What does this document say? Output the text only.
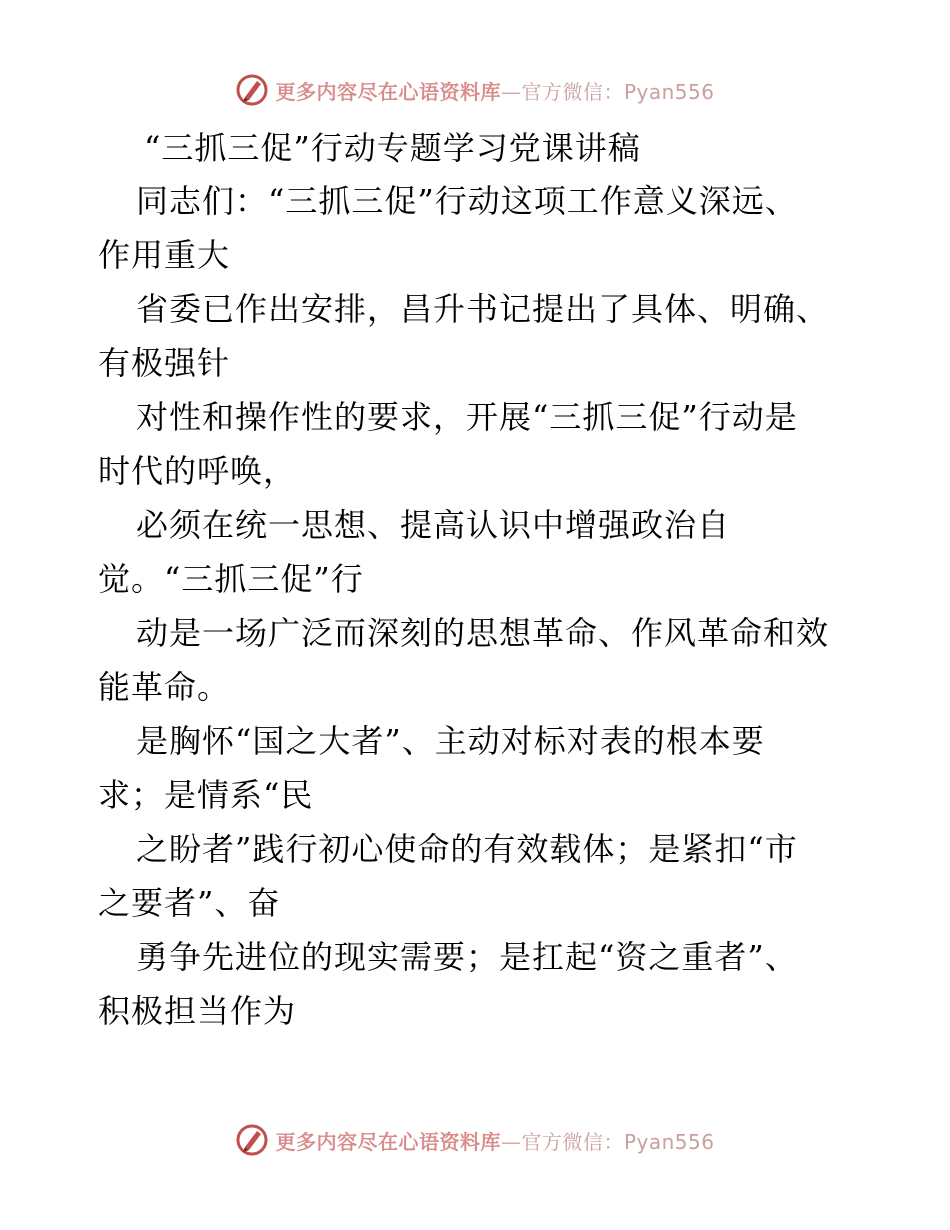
更多内容尽在心语资料库—官方微信：Pyan556
“三抓三促”行动专题学习党课讲稿

同志们：“三抓三促”行动这项工作意义深远、
作用重大

省委已作出安排，昌升书记提出了具体、明确、
有极强针

对性和操作性的要求，开展“三抓三促”行动是
时代的呼唤，

必须在统一思想、提高认识中增强政治自
觉。“三抓三促”行

动是一场广泛而深刻的思想革命、作风革命和效
能革命。

是胸怀“国之大者”、主动对标对表的根本要
求；是情系“民

之盼者”践行初心使命的有效载体；是紧扣“市
之要者”、奋

勇争先进位的现实需要；是扛起“资之重者”、
积极担当作为

更多内容尽在心语资料库—官方微信：Pyan556
